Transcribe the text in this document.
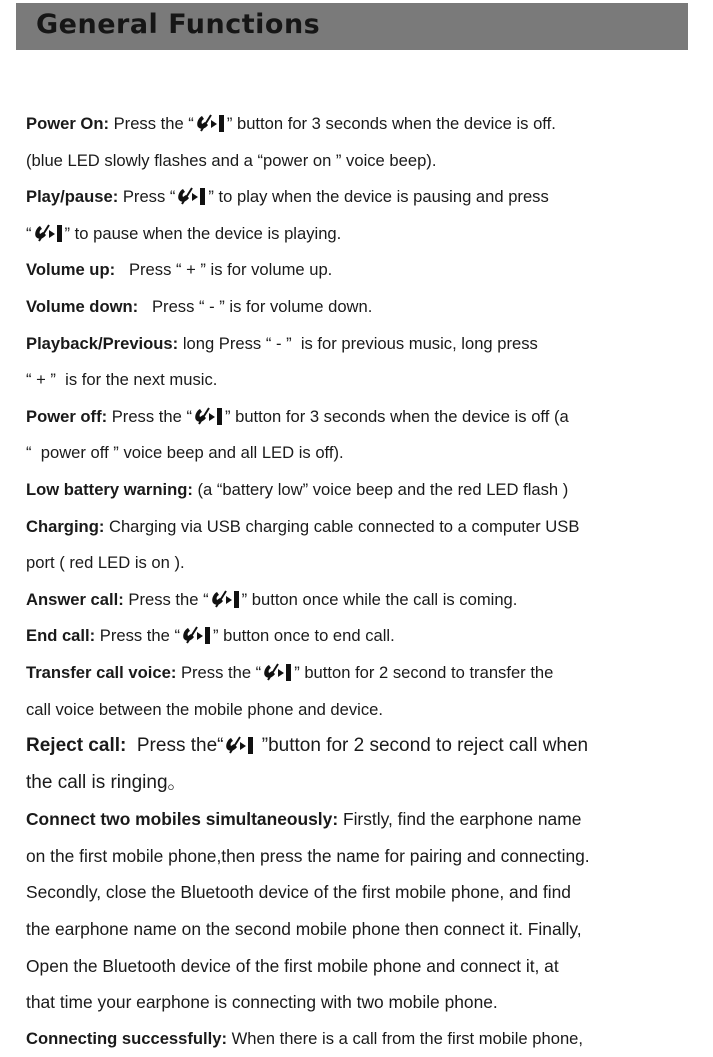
General Functions
Power On: Press the “ ” button for 3 seconds when the device is off.
(blue LED slowly flashes and a “power on ” voice beep).
Play/pause: Press “ ” to play when the device is pausing and press
“ ” to pause when the device is playing.
Volume up:   Press “ + ” is for volume up.
Volume down:   Press “ - ” is for volume down.
Playback/Previous: long Press “ - ”  is for previous music, long press
“ + ”  is for the next music.
Power off: Press the “ ” button for 3 seconds when the device is off (a
“  power off ” voice beep and all LED is off).
Low battery warning: (a “battery low” voice beep and the red LED flash )
Charging: Charging via USB charging cable connected to a computer USB
port ( red LED is on ).
Answer call: Press the “ ” button once while the call is coming.
End call: Press the “ ” button once to end call.
Transfer call voice: Press the “ ” button for 2 second to transfer the
call voice between the mobile phone and device.
Reject call:  Press the“
”button for 2 second to reject call when
the call is ringing。
Connect two mobiles simultaneously: Firstly, find the earphone name
on the first mobile phone,then press the name for pairing and connecting.
Secondly, close the Bluetooth device of the first mobile phone, and find
the earphone name on the second mobile phone then connect it. Finally,
Open the Bluetooth device of the first mobile phone and connect it, at
that time your earphone is connecting with two mobile phone.
Connecting successfully: When there is a call from the first mobile phone,
